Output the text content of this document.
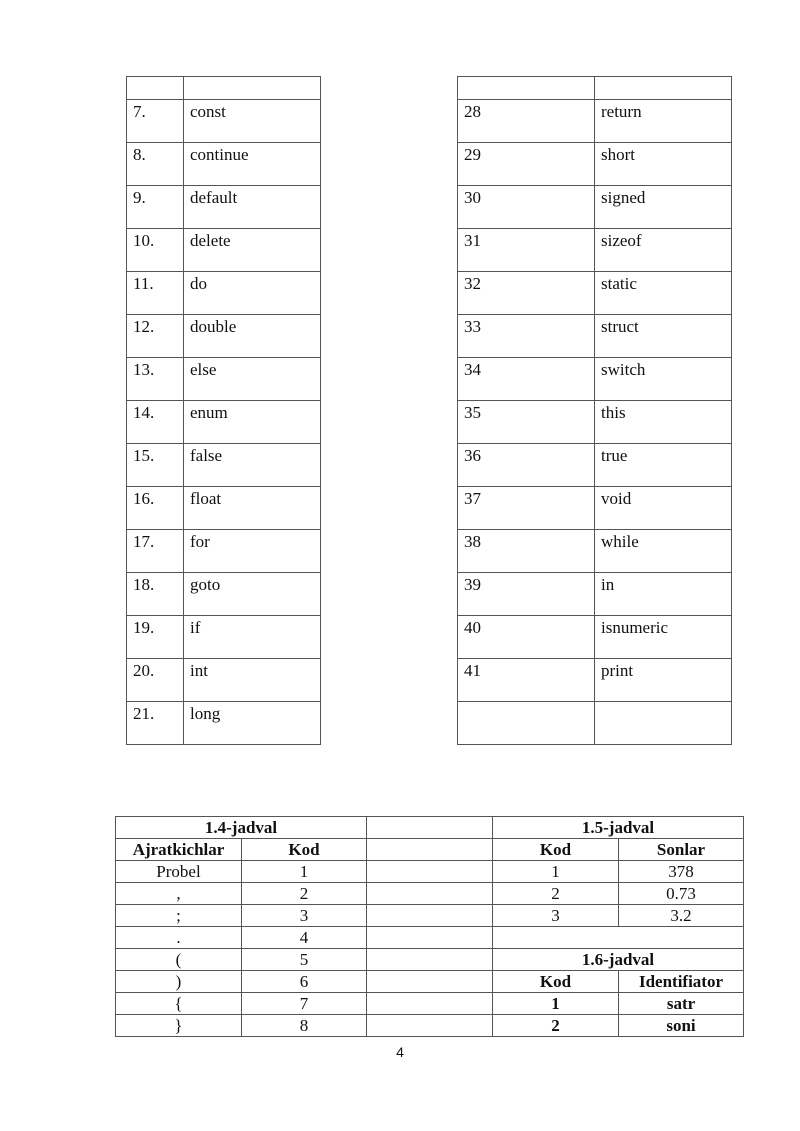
7.	const
8.	continue
9.	default
10.	delete
11.	do
12.	double
13.	else
14.	enum
15.	false
16.	float
17.	for
18.	goto
19.	if
20.	int
21.	long

28	return
29	short
30	signed
31	sizeof
32	static
33	struct
34	switch
35	this
36	true
37	void
38	while
39	in
40	isnumeric
41	print

1.4-jadval			1.5-jadval	
Ajratkichlar	Kod		Kod	Sonlar
Probel	1		1	378
,	2		2	0.73
;	3		3	3.2
.	4			
(	5		1.6-jadval	
)	6		Kod	Identifiator
{	7		1	satr
}	8		2	soni
4
